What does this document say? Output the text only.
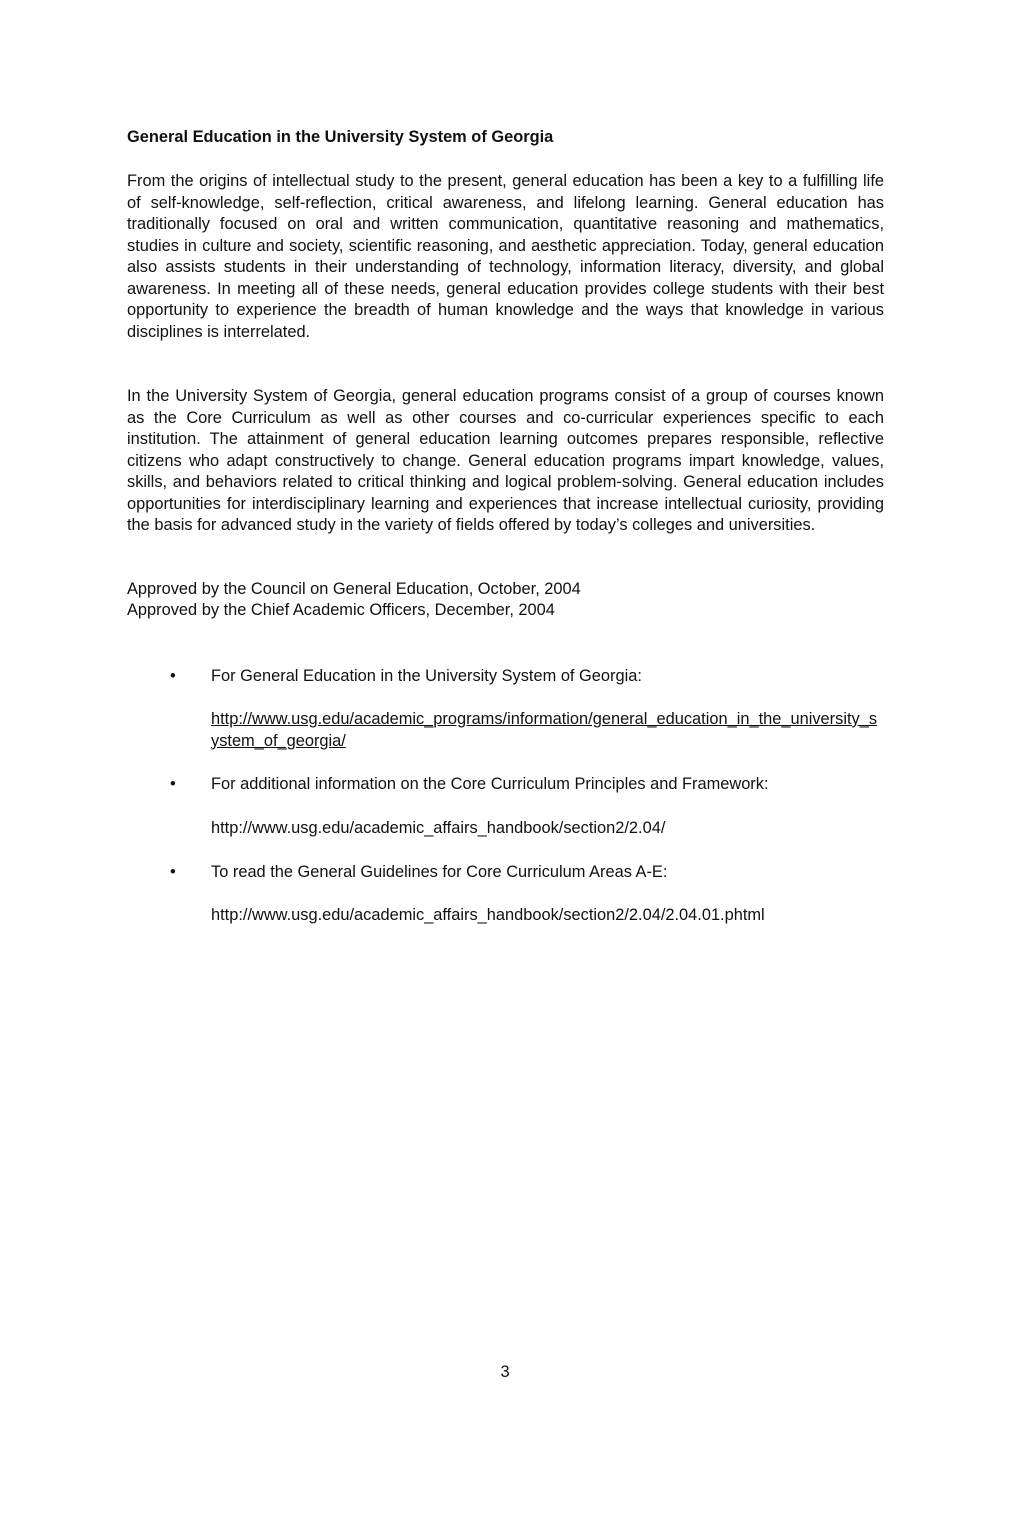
General Education in the University System of Georgia

From the origins of intellectual study to the present, general education has been a key to a fulfilling life of self-knowledge, self-reflection, critical awareness, and lifelong learning. General education has traditionally focused on oral and written communication, quantitative reasoning and mathematics, studies in culture and society, scientific reasoning, and aesthetic appreciation. Today, general education also assists students in their understanding of technology, information literacy, diversity, and global awareness. In meeting all of these needs, general education provides college students with their best opportunity to experience the breadth of human knowledge and the ways that knowledge in various disciplines is interrelated.

In the University System of Georgia, general education programs consist of a group of courses known as the Core Curriculum as well as other courses and co-curricular experiences specific to each institution. The attainment of general education learning outcomes prepares responsible, reflective citizens who adapt constructively to change. General education programs impart knowledge, values, skills, and behaviors related to critical thinking and logical problem-solving. General education includes opportunities for interdisciplinary learning and experiences that increase intellectual curiosity, providing the basis for advanced study in the variety of fields offered by today’s colleges and universities.

Approved by the Council on General Education, October, 2004

Approved by the Chief Academic Officers, December, 2004

•	For General Education in the University System of Georgia:
http://www.usg.edu/academic_programs/information/general_education_in_the_university_system_of_georgia/
•	For additional information on the Core Curriculum Principles and Framework:
http://www.usg.edu/academic_affairs_handbook/section2/2.04/
•	To read the General Guidelines for Core Curriculum Areas A-E:
http://www.usg.edu/academic_affairs_handbook/section2/2.04/2.04.01.phtml
3
